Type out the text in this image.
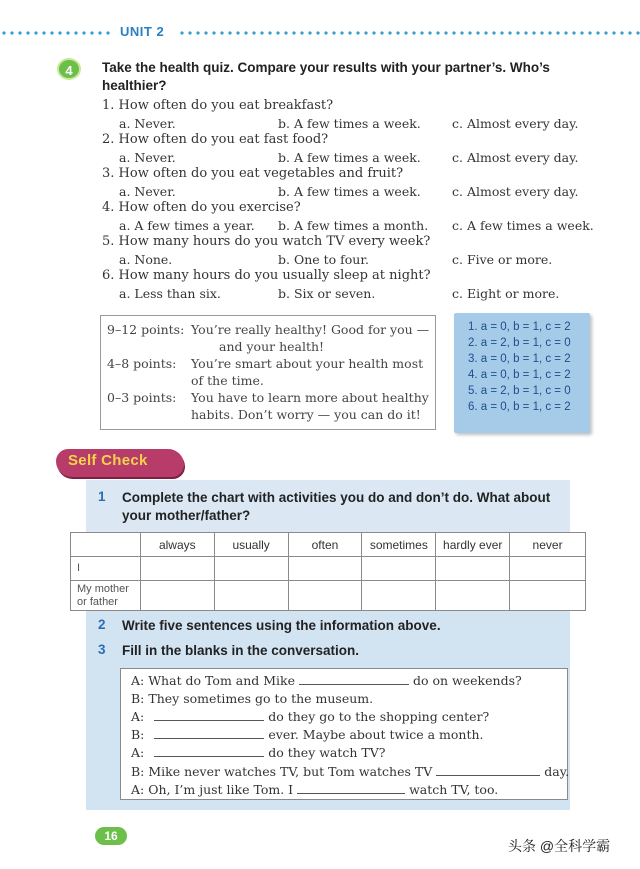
UNIT 2
4	Take the health quiz. Compare your results with your partner’s. Who’s healthier?
1. How often do you eat breakfast?
a. Never.	b. A few times a week. c. Almost every day.
2. How often do you eat fast food?
a. Never.	b. A few times a week. c. Almost every day.
3. How often do you eat vegetables and fruit?
a. Never.	b. A few times a week. c. Almost every day.
4. How often do you exercise?
a. A few times a year. b. A few times a month. c. A few times a week.
5. How many hours do you watch TV every week?
a. None.	b. One to four.	c. Five or more.
6. How many hours do you usually sleep at night?
a. Less than six.	b. Six or seven.	c. Eight or more.
9–12 points: You’re really healthy! Good for you —
and your health!
4–8 points: You’re smart about your health most
of the time.
0–3 points: You have to learn more about healthy
habits. Don’t worry — you can do it!
1. a = 0, b = 1, c = 2
2. a = 2, b = 1, c = 0
3. a = 0, b = 1, c = 2
4. a = 0, b = 1, c = 2
5. a = 2, b = 1, c = 0
6. a = 0, b = 1, c = 2
Self Check
1 Complete the chart with activities you do and don’t do. What about your mother/father?
	always	usually	often	sometimes	hardly ever	never
I						
My mother or father						
2 Write five sentences using the information above.
3 Fill in the blanks in the conversation.
A: What do Tom and Mike	do on weekends?
B: They sometimes go to the museum.
A:	do they go to the shopping center?
B:	ever. Maybe about twice a month.
A:	do they watch TV?
B: Mike never watches TV, but Tom watches TV	day.
A: Oh, I’m just like Tom. I	watch TV, too.
16
头条 @全科学霸
